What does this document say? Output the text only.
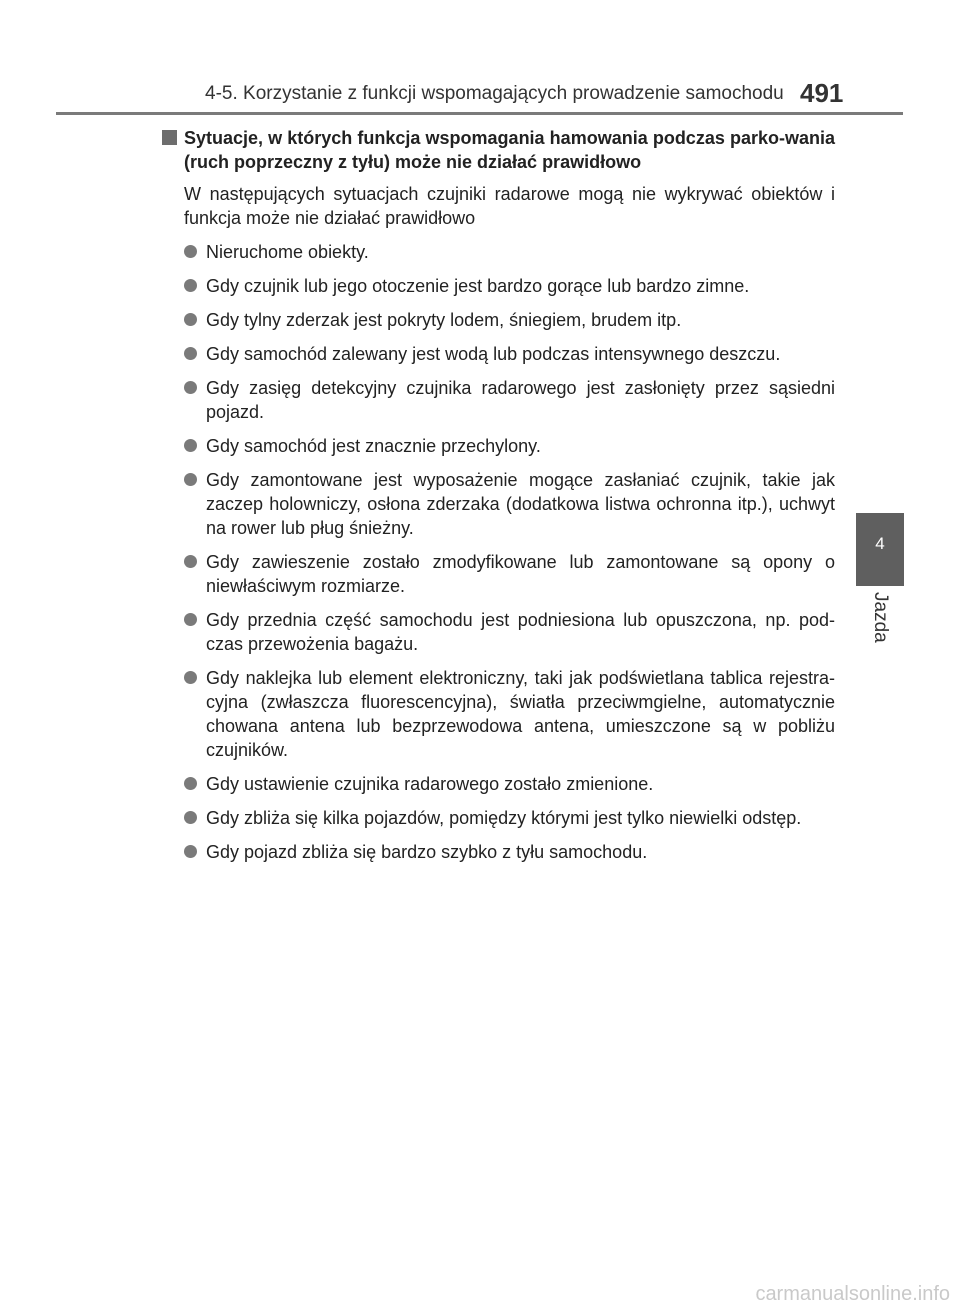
4-5. Korzystanie z funkcji wspomagających prowadzenie samochodu 491
4
Jazda
Sytuacje, w których funkcja wspomagania hamowania podczas parko-wania (ruch poprzeczny z tyłu) może nie działać prawidłowo

W następujących sytuacjach czujniki radarowe mogą nie wykrywać obiektów i funkcja może nie działać prawidłowo

Nieruchome obiekty.
Gdy czujnik lub jego otoczenie jest bardzo gorące lub bardzo zimne.
Gdy tylny zderzak jest pokryty lodem, śniegiem, brudem itp.
Gdy samochód zalewany jest wodą lub podczas intensywnego deszczu.
Gdy zasięg detekcyjny czujnika radarowego jest zasłonięty przez sąsiedni pojazd.
Gdy samochód jest znacznie przechylony.
Gdy zamontowane jest wyposażenie mogące zasłaniać czujnik, takie jak zaczep holowniczy, osłona zderzaka (dodatkowa listwa ochronna itp.), uchwyt na rower lub pług śnieżny.
Gdy zawieszenie zostało zmodyfikowane lub zamontowane są opony o niewłaściwym rozmiarze.
Gdy przednia część samochodu jest podniesiona lub opuszczona, np. pod-czas przewożenia bagażu.
Gdy naklejka lub element elektroniczny, taki jak podświetlana tablica rejestra-cyjna (zwłaszcza fluorescencyjna), światła przeciwmgielne, automatycznie chowana antena lub bezprzewodowa antena, umieszczone są w pobliżu czujników.
Gdy ustawienie czujnika radarowego zostało zmienione.
Gdy zbliża się kilka pojazdów, pomiędzy którymi jest tylko niewielki odstęp.
Gdy pojazd zbliża się bardzo szybko z tyłu samochodu.
carmanualsonline.info
